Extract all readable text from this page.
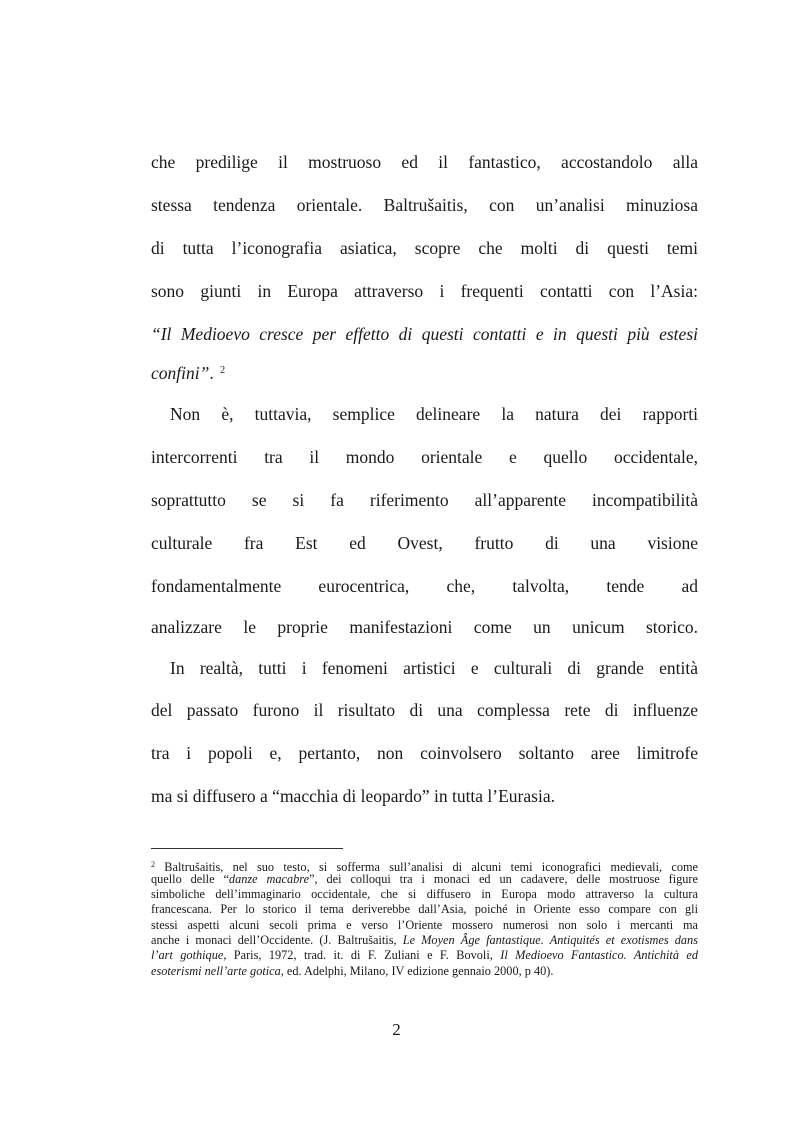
che predilige il mostruoso ed il fantastico, accostandolo alla
stessa tendenza orientale. Baltrušaitis, con un’analisi minuziosa
di tutta l’iconografia asiatica, scopre che molti di questi temi
sono giunti in Europa attraverso i frequenti contatti con l’Asia:
“Il Medioevo cresce per effetto di questi contatti e in questi più estesi
confini”. $^2$
Non è, tuttavia, semplice delineare la natura dei rapporti
intercorrenti tra il mondo orientale e quello occidentale,
soprattutto se si fa riferimento all’apparente incompatibilità
culturale fra Est ed Ovest, frutto di una visione
fondamentalmente eurocentrica, che, talvolta, tende ad
analizzare le proprie manifestazioni come un unicum storico.
In realtà, tutti i fenomeni artistici e culturali di grande entità
del passato furono il risultato di una complessa rete di influenze
tra i popoli e, pertanto, non coinvolsero soltanto aree limitrofe
ma si diffusero a “macchia di leopardo” in tutta l’Eurasia.
$^2$ Baltrušaitis, nel suo testo, si sofferma sull’analisi di alcuni temi iconografici medievali, come
quello delle “danze macabre”, dei colloqui tra i monaci ed un cadavere, delle mostruose figure
simboliche dell’immaginario occidentale, che si diffusero in Europa modo attraverso la cultura
francescana. Per lo storico il tema deriverebbe dall’Asia, poiché in Oriente esso compare con gli
stessi aspetti alcuni secoli prima e verso l’Oriente mossero numerosi non solo i mercanti ma
anche i monaci dell’Occidente. (J. Baltrušaitis, Le Moyen Âge fantastique. Antiquités et exotismes dans
l’art gothique, Paris, 1972, trad. it. di F. Zuliani e F. Bovoli, Il Medioevo Fantastico. Antichità ed
esoterismi nell’arte gotica, ed. Adelphi, Milano, IV edizione gennaio 2000, p 40).
2
